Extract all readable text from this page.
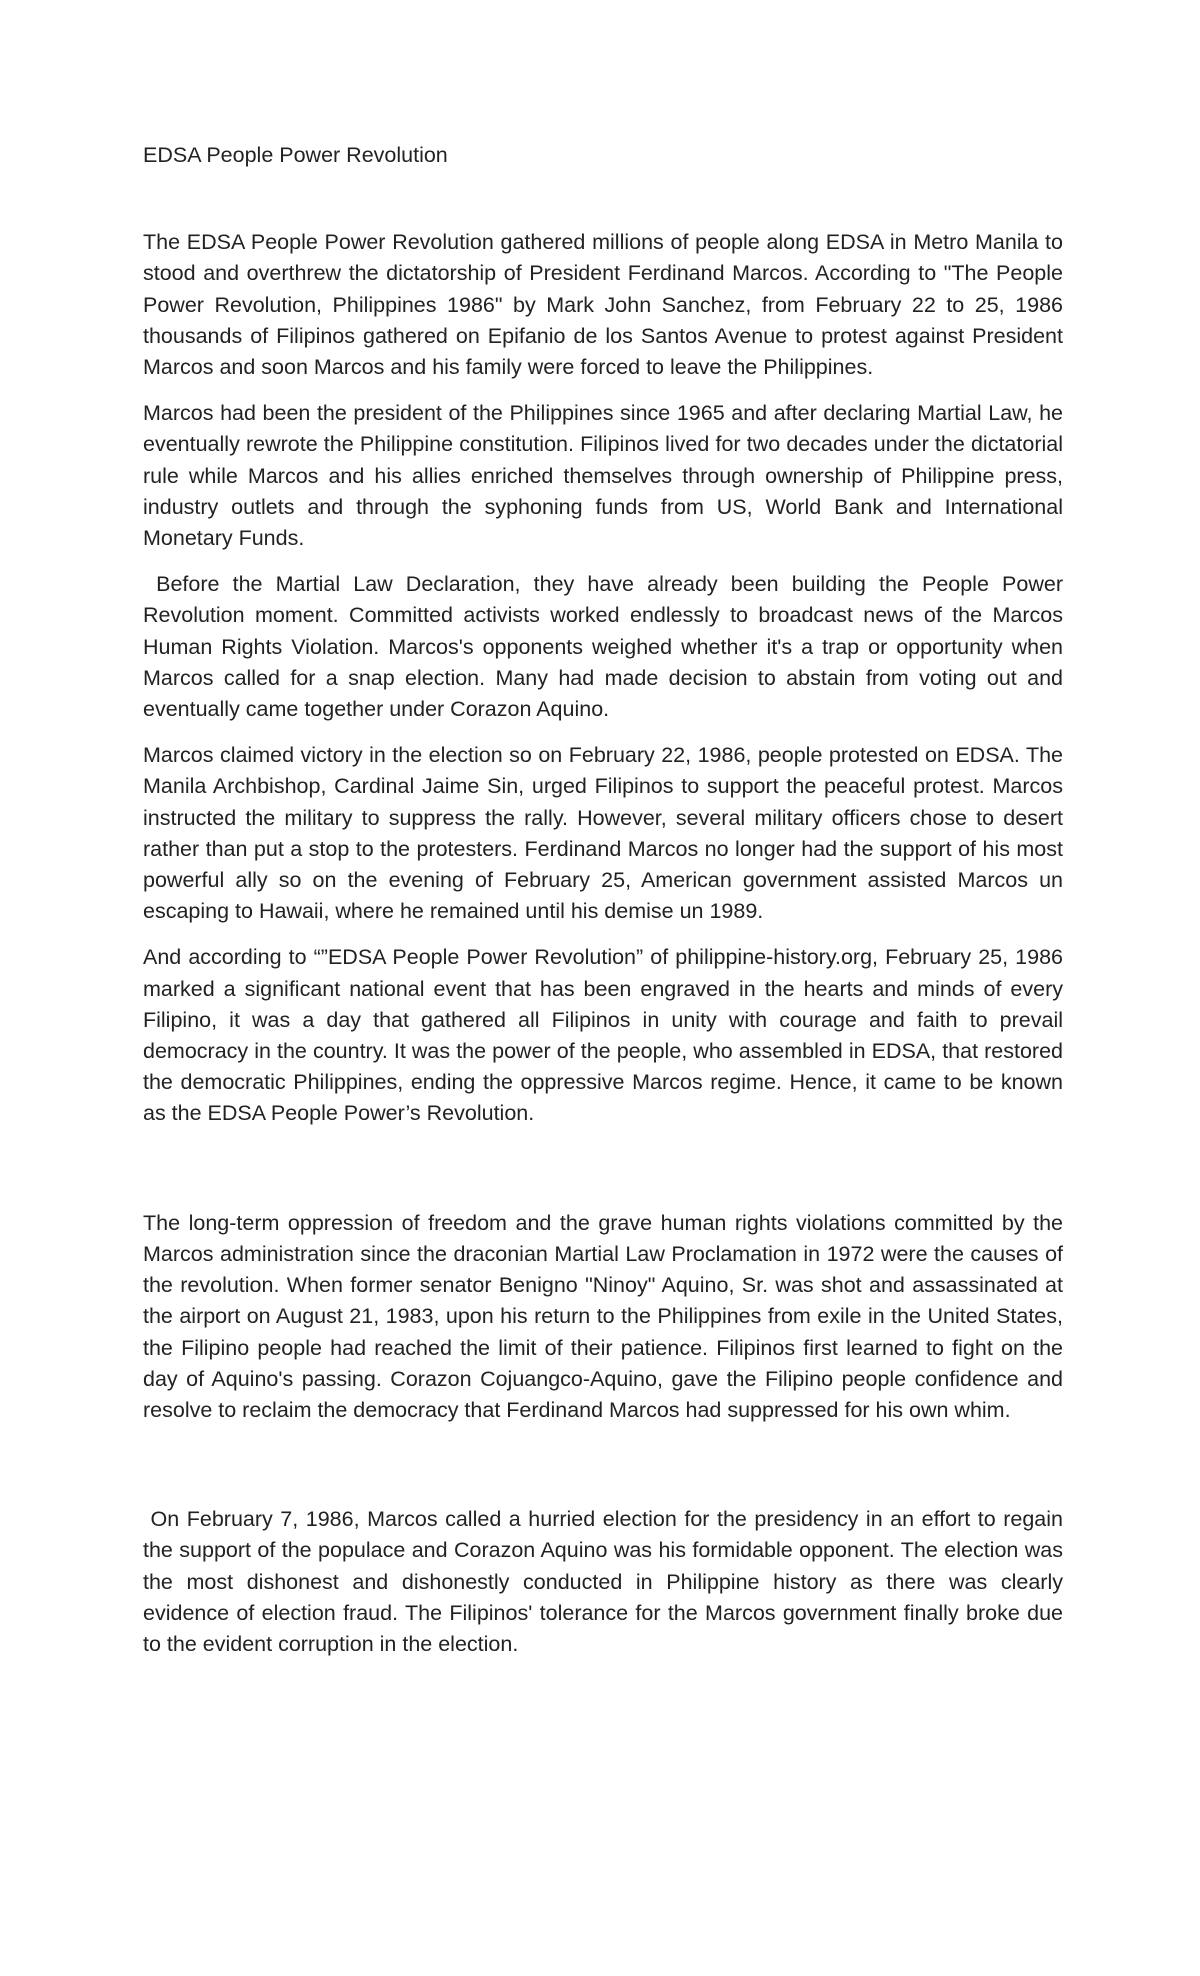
EDSA People Power Revolution

The EDSA People Power Revolution gathered millions of people along EDSA in Metro Manila to stood and overthrew the dictatorship of President Ferdinand Marcos. According to "The People Power Revolution, Philippines 1986" by Mark John Sanchez, from February 22 to 25, 1986 thousands of Filipinos gathered on Epifanio de los Santos Avenue to protest against President Marcos and soon Marcos and his family were forced to leave the Philippines.

Marcos had been the president of the Philippines since 1965 and after declaring Martial Law, he eventually rewrote the Philippine constitution. Filipinos lived for two decades under the dictatorial rule while Marcos and his allies enriched themselves through ownership of Philippine press, industry outlets and through the syphoning funds from US, World Bank and International Monetary Funds.

Before the Martial Law Declaration, they have already been building the People Power Revolution moment. Committed activists worked endlessly to broadcast news of the Marcos Human Rights Violation. Marcos's opponents weighed whether it's a trap or opportunity when Marcos called for a snap election. Many had made decision to abstain from voting out and eventually came together under Corazon Aquino.

Marcos claimed victory in the election so on February 22, 1986, people protested on EDSA. The Manila Archbishop, Cardinal Jaime Sin, urged Filipinos to support the peaceful protest. Marcos instructed the military to suppress the rally. However, several military officers chose to desert rather than put a stop to the protesters. Ferdinand Marcos no longer had the support of his most powerful ally so on the evening of February 25, American government assisted Marcos un escaping to Hawaii, where he remained until his demise un 1989.

And according to “”EDSA People Power Revolution” of philippine-history.org, February 25, 1986 marked a significant national event that has been engraved in the hearts and minds of every Filipino, it was a day that gathered all Filipinos in unity with courage and faith to prevail democracy in the country. It was the power of the people, who assembled in EDSA, that restored the democratic Philippines, ending the oppressive Marcos regime. Hence, it came to be known as the EDSA People Power’s Revolution.

The long-term oppression of freedom and the grave human rights violations committed by the Marcos administration since the draconian Martial Law Proclamation in 1972 were the causes of the revolution. When former senator Benigno "Ninoy" Aquino, Sr. was shot and assassinated at the airport on August 21, 1983, upon his return to the Philippines from exile in the United States, the Filipino people had reached the limit of their patience. Filipinos first learned to fight on the day of Aquino's passing. Corazon Cojuangco-Aquino, gave the Filipino people confidence and resolve to reclaim the democracy that Ferdinand Marcos had suppressed for his own whim.

On February 7, 1986, Marcos called a hurried election for the presidency in an effort to regain the support of the populace and Corazon Aquino was his formidable opponent. The election was the most dishonest and dishonestly conducted in Philippine history as there was clearly evidence of election fraud. The Filipinos' tolerance for the Marcos government finally broke due to the evident corruption in the election.
